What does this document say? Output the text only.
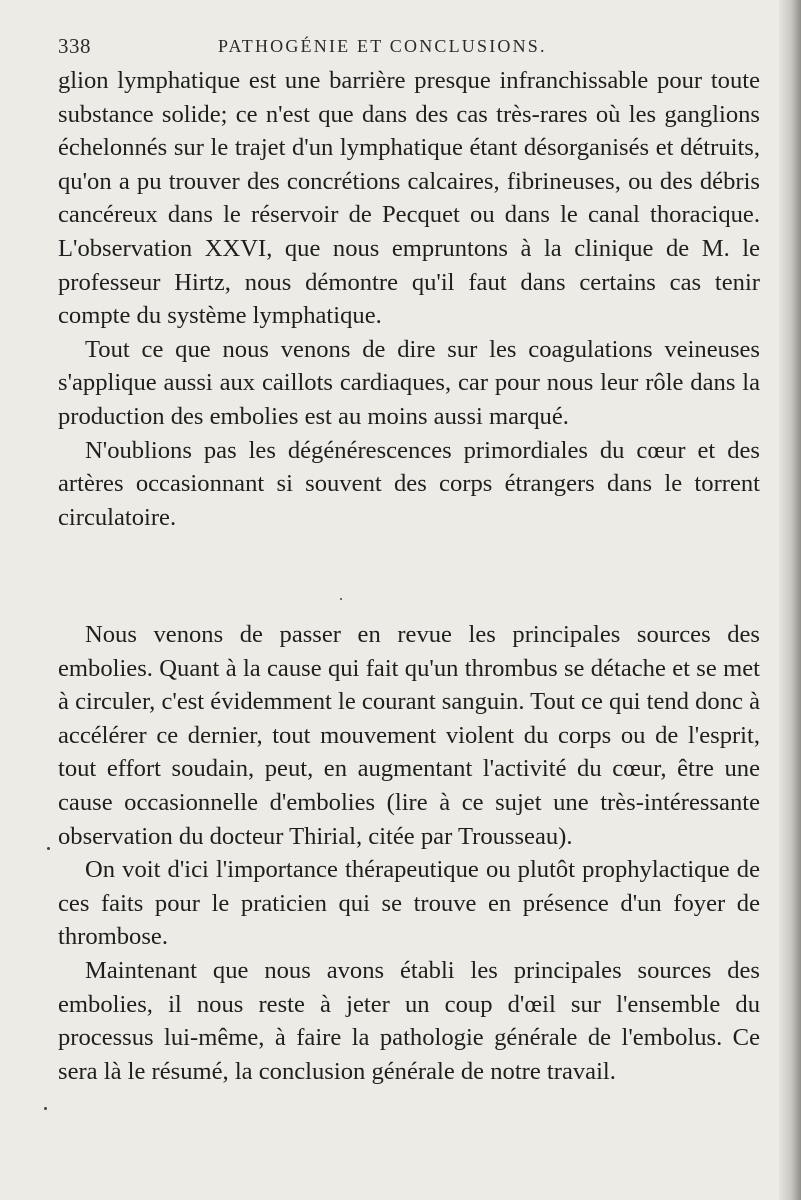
338	PATHOGÉNIE ET CONCLUSIONS.

glion lymphatique est une barrière presque infranchissable pour toute substance solide; ce n'est que dans des cas très-rares où les ganglions échelonnés sur le trajet d'un lymphatique étant désorganisés et détruits, qu'on a pu trouver des concrétions calcaires, fibrineuses, ou des débris cancéreux dans le réservoir de Pecquet ou dans le canal thoracique. L'observation XXVI, que nous empruntons à la clinique de M. le professeur Hirtz, nous démontre qu'il faut dans certains cas tenir compte du système lymphatique.

Tout ce que nous venons de dire sur les coagulations veineuses s'applique aussi aux caillots cardiaques, car pour nous leur rôle dans la production des embolies est au moins aussi marqué.

N'oublions pas les dégénérescences primordiales du cœur et des artères occasionnant si souvent des corps étrangers dans le torrent circulatoire.

Nous venons de passer en revue les principales sources des embolies. Quant à la cause qui fait qu'un thrombus se détache et se met à circuler, c'est évidemment le courant sanguin. Tout ce qui tend donc à accélérer ce dernier, tout mouvement violent du corps ou de l'esprit, tout effort soudain, peut, en augmentant l'activité du cœur, être une cause occasionnelle d'embolies (lire à ce sujet une très-intéressante observation du docteur Thirial, citée par Trousseau).

On voit d'ici l'importance thérapeutique ou plutôt prophylactique de ces faits pour le praticien qui se trouve en présence d'un foyer de thrombose.

Maintenant que nous avons établi les principales sources des embolies, il nous reste à jeter un coup d'œil sur l'ensemble du processus lui-même, à faire la pathologie générale de l'embolus. Ce sera là le résumé, la conclusion générale de notre travail.
